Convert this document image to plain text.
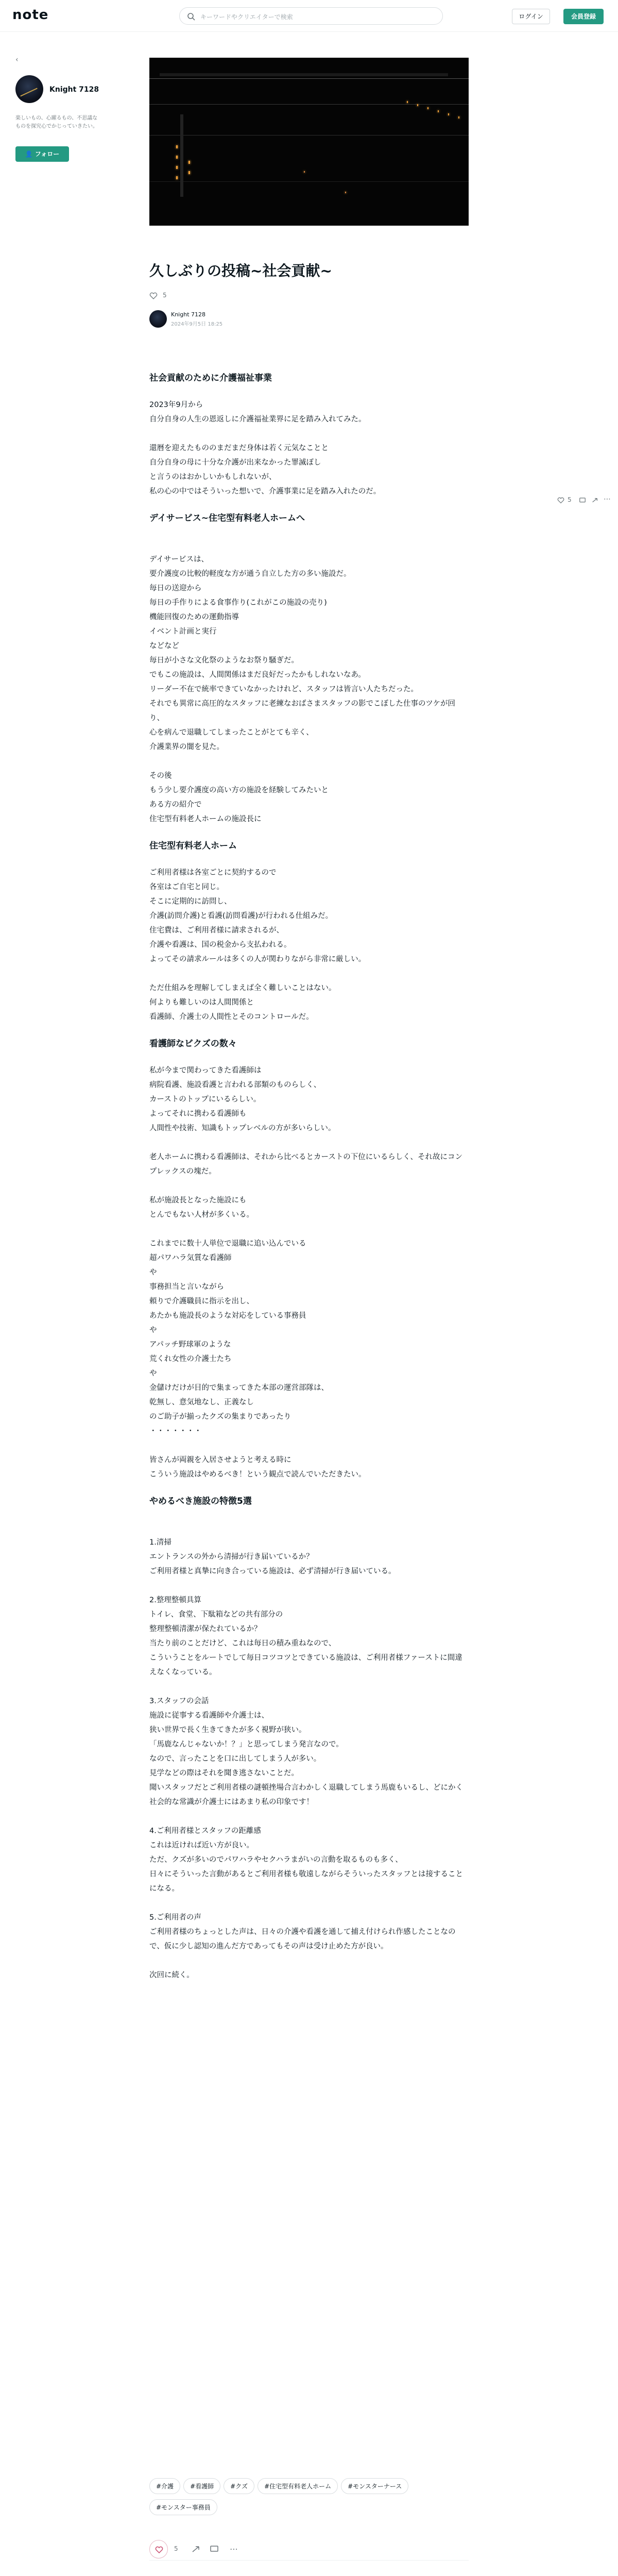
note	キーワードやクリエイターで検索	ログイン	会員登録
‹
Knight 7128
楽しいもの、心躍るもの、不思議なものを探究心でかじっていきたい。
👤 フォロー
久しぶりの投稿~社会貢献~
5
Knight 7128
2024年9月5日 18:25
社会貢献のために介護福祉事業

2023年9月から

自分自身の人生の恩返しに介護福祉業界に足を踏み入れてみた。

還暦を迎えたもののまだまだ身体は若く元気なことと

自分自身の母に十分な介護が出来なかった罪滅ぼし

と言うのはおかしいかもしれないが、

私の心の中ではそういった想いで、介護事業に足を踏み入れたのだ。

デイサービス~住宅型有料老人ホームへ

デイサービスは、

要介護度の比較的軽度な方が通う自立した方の多い施設だ。

毎日の送迎から

毎日の手作りによる食事作り(これがこの施設の売り)

機能回復のための運動指導

イベント計画と実行

などなど

毎日が小さな文化祭のようなお祭り騒ぎだ。

でもこの施設は、人間関係はまだ良好だったかもしれないなあ。

リーダー不在で統率できていなかったけれど、スタッフは皆言い人たちだった。

それでも異常に高圧的なスタッフに老練なおばさまスタッフの影でこぼした仕事のツケが回り、

心を病んで退職してしまったことがとても辛く、

介護業界の闇を見た。

その後

もう少し要介護度の高い方の施設を経験してみたいと

ある方の紹介で

住宅型有料老人ホームの施設長に

住宅型有料老人ホーム

ご利用者様は各室ごとに契約するので

各室はご自宅と同じ。

そこに定期的に訪問し、

介護(訪問介護)と看護(訪問看護)が行われる仕組みだ。

住宅費は、ご利用者様に請求されるが、

介護や看護は、国の税金から支払われる。

よってその請求ルールは多くの人が関わりながら非常に厳しい。

ただ仕組みを理解してしまえば全く難しいことはない。

何よりも難しいのは人間関係と

看護師、介護士の人間性とそのコントロールだ。

看護師なビクズの数々

私が今まで関わってきた看護師は

病院看護、施設看護と言われる部類のものらしく、

カーストのトップにいるらしい。

よってそれに携わる看護師も

人間性や技術、知識もトップレベルの方が多いらしい。

老人ホームに携わる看護師は、それから比べるとカーストの下位にいるらしく、それ故にコンプレックスの塊だ。

私が施設長となった施設にも

とんでもない人材が多くいる。

これまでに数十人単位で退職に追い込んでいる

超パワハラ気質な看護師

や

事務担当と言いながら

頼りで介護職員に指示を出し、

あたかも施設長のような対応をしている事務員

や

アパッチ野球軍のような

荒くれ女性の介護士たち

や

金儲けだけが目的で集まってきた本部の運営部隊は、

乾無し、意気地なし、正義なし

のご助子が揃ったクズの集まりであったり

・・・・・・・

皆さんが両親を入居させようと考える時に

こういう施設はやめるべき！という観点で読んでいただきたい。

やめるべき施設の特徴5選

1.清掃

エントランスの外から清掃が行き届いているか？

ご利用者様と真摯に向き合っている施設は、必ず清掃が行き届いている。

2.整理整頓具算

トイレ、食堂、下駄箱などの共有部分の

整理整頓清潔が保たれているか？

当たり前のことだけど、これは毎日の積み重ねなので、

こういうことをルートでして毎日コツコツとできている施設は、ご利用者様ファーストに間違えなくなっている。

3.スタッフの会話

施設に従事する看護師や介護士は、

狭い世界で長く生きてきたが多く視野が狭い。

「馬鹿なんじゃないか！？」と思ってしまう発言なので。

なので、言ったことを口に出してしまう人が多い。

見学などの際はそれを聞き逃さないことだ。

聞いスタッフだとご利用者様の謎頓挫場合言わかしく退職してしまう馬鹿もいるし、どにかく社会的な常識が介護士にはあまり私の印象です！

4.ご利用者様とスタッフの距離感

これは近ければ近い方が良い。

ただ、クズが多いのでパワハラやセクハラまがいの言動を取るものも多く、

日々にそういった言動があるとご利用者様も敬遠しながらそういったスタッフとは接することになる。

5.ご利用者の声

ご利用者様のちょっとした声は、日々の介護や看護を通して捕え付けられ作感したことなので、仮に少し認知の進んだ方であってもその声は受け止めた方が良い。

次回に続く。

5	⋯
#介護	#看護師	#クズ	#住宅型有料老人ホーム	#モンスターナース#モンスター事務員
5	⋯
